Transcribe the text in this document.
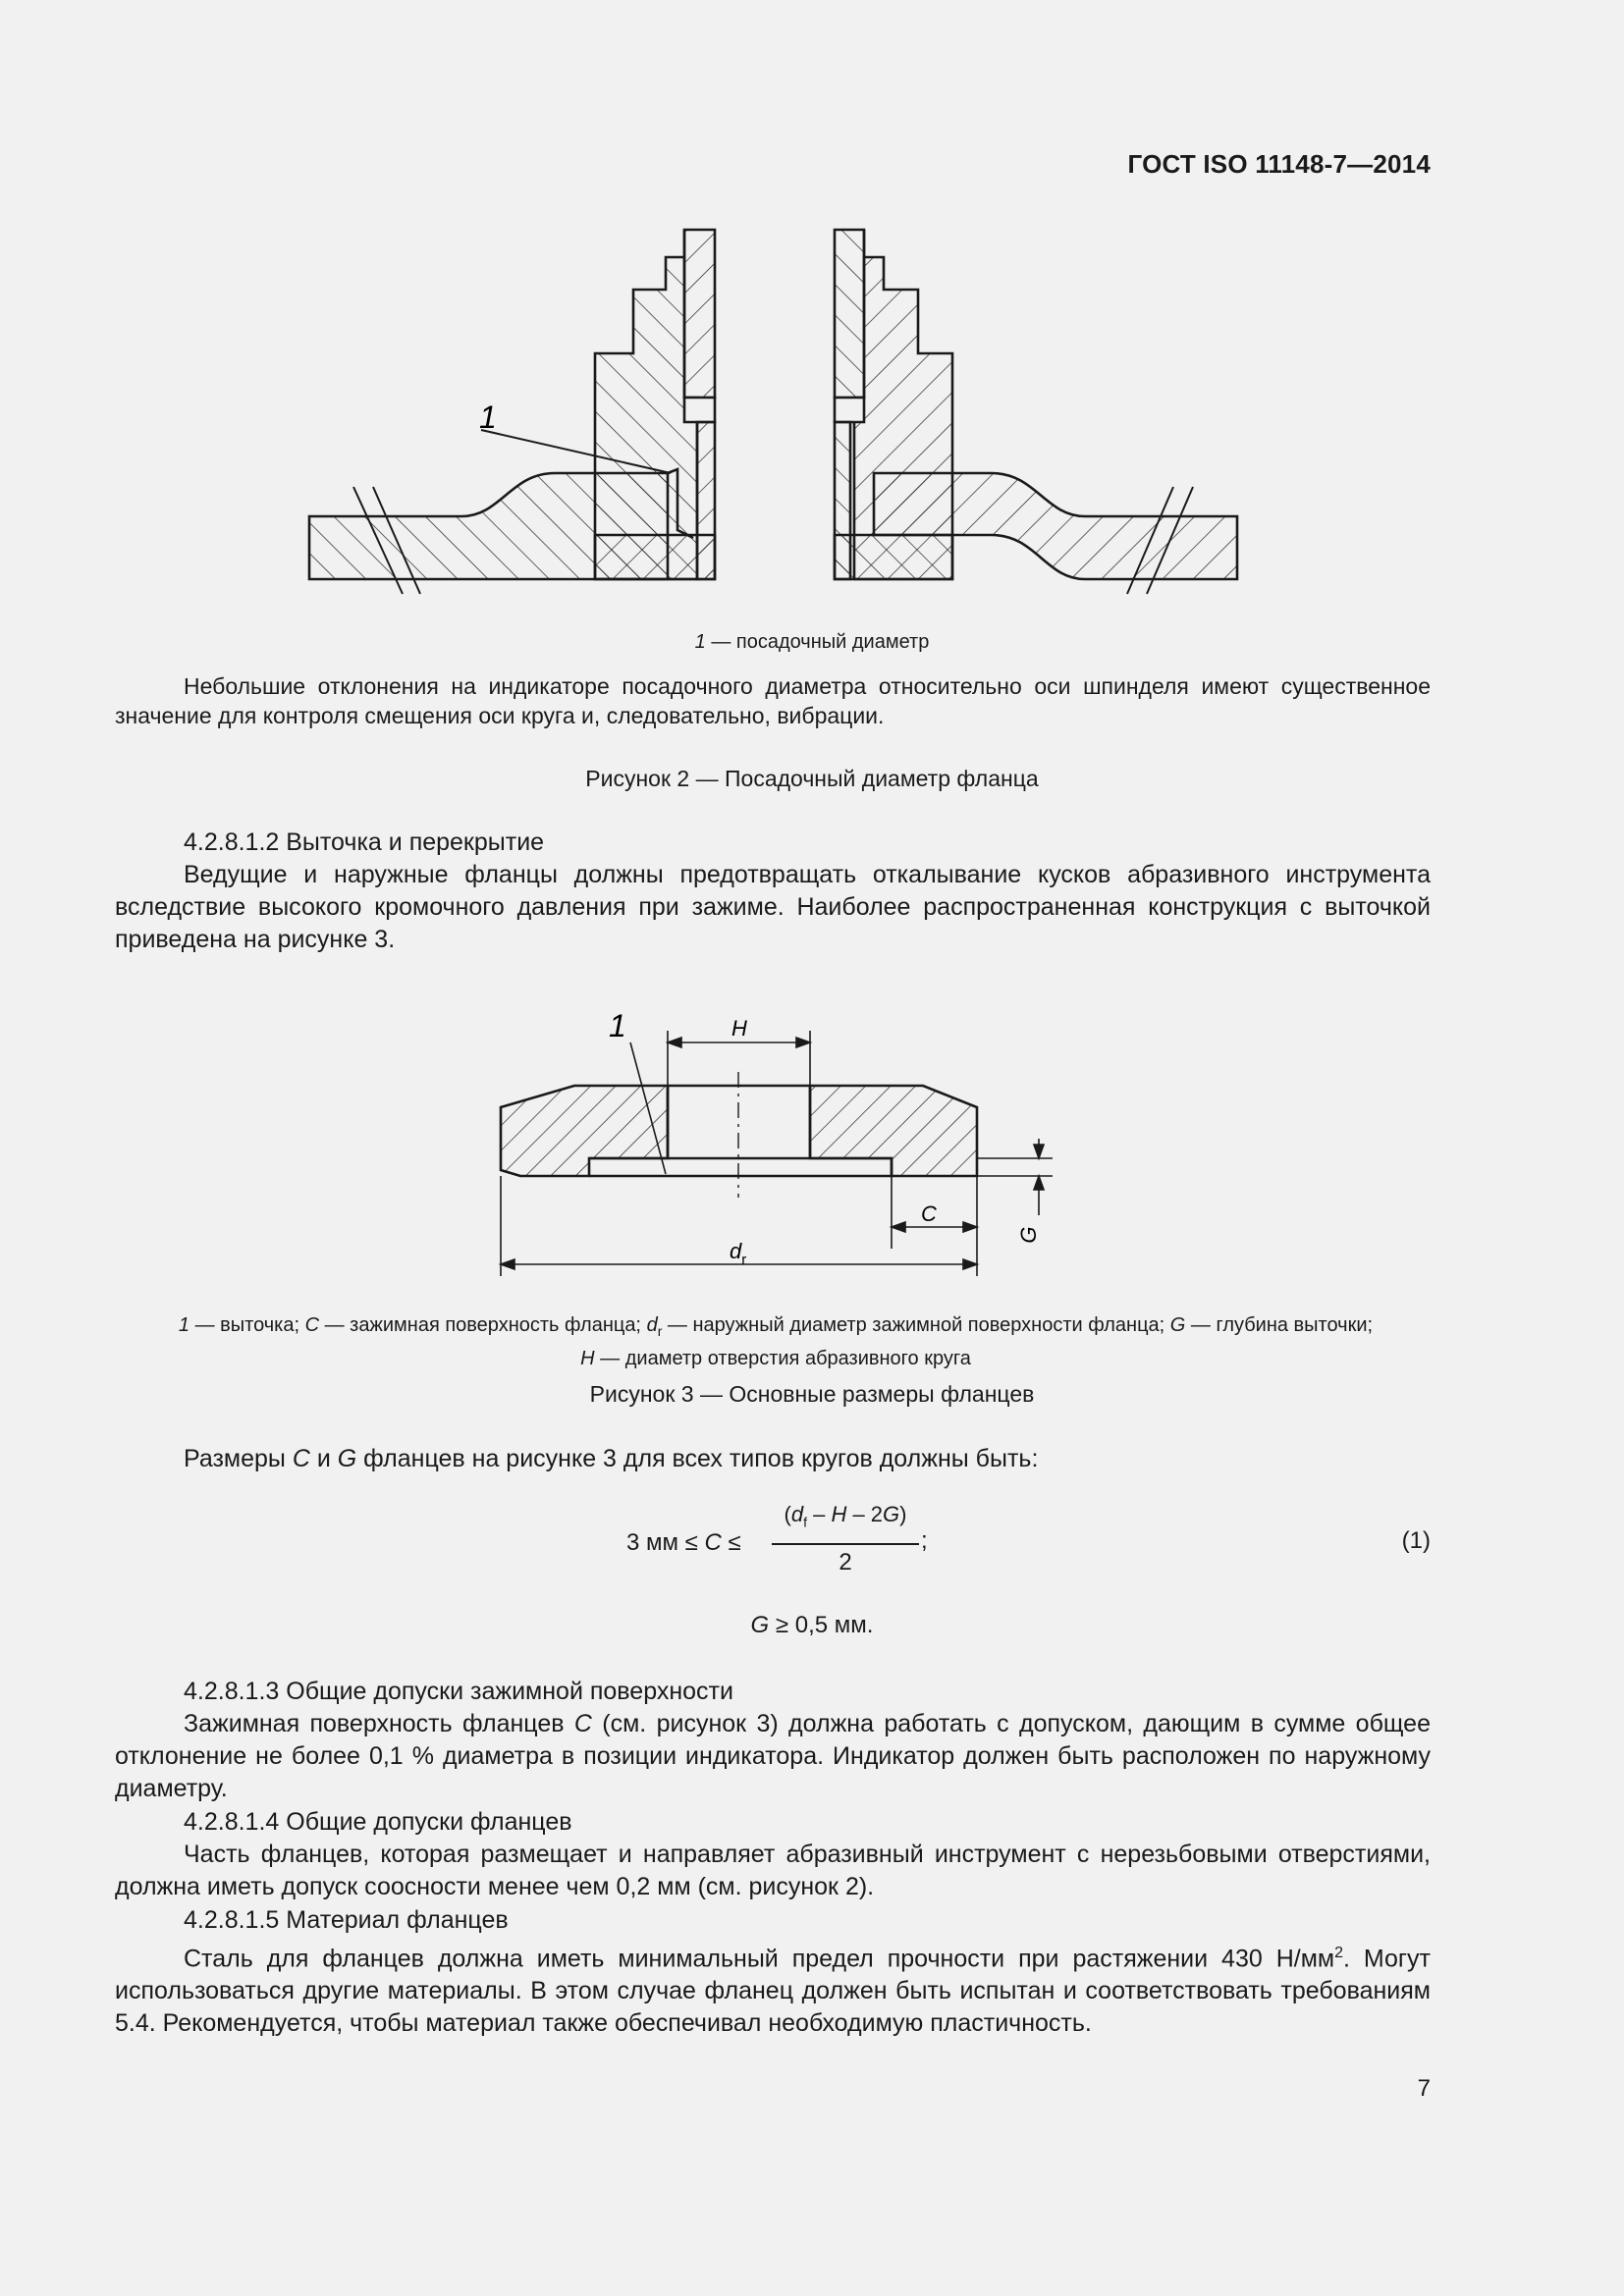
ГОСТ ISO 11148-7—2014
1
1 — посадочный диаметр
Небольшие отклонения на индикаторе посадочного диаметра относительно оси шпинделя имеют существенное значение для контроля смещения оси круга и, следовательно, вибрации.
Рисунок 2 — Посадочный диаметр фланца
4.2.8.1.2 Выточка и перекрытие
Ведущие и наружные фланцы должны предотвращать откалывание кусков абразивного инструмента вследствие высокого кромочного давления при зажиме. Наиболее распространенная конструкция с выточкой приведена на рисунке 3.
1	H
C
$d_r$
G
1 — выточка; C — зажимная поверхность фланца; $d_r$ — наружный диаметр зажимной поверхности фланца; G — глубина выточки;
H — диаметр отверстия абразивного круга
Рисунок 3 — Основные размеры фланцев
Размеры C и G фланцев на рисунке 3 для всех типов кругов должны быть:
3 мм ≤ C ≤
($d_f$ – H – 2G)
2
;	(1)
G ≥ 0,5 мм.
4.2.8.1.3 Общие допуски зажимной поверхности
Зажимная поверхность фланцев C (см. рисунок 3) должна работать с допуском, дающим в сумме общее отклонение не более 0,1 % диаметра в позиции индикатора. Индикатор должен быть расположен по наружному диаметру.
4.2.8.1.4 Общие допуски фланцев
Часть фланцев, которая размещает и направляет абразивный инструмент с нерезьбовыми отверстиями, должна иметь допуск соосности менее чем 0,2 мм (см. рисунок 2).
4.2.8.1.5 Материал фланцев
Сталь для фланцев должна иметь минимальный предел прочности при растяжении 430 $Н/мм^2$. Могут использоваться другие материалы. В этом случае фланец должен быть испытан и соответствовать требованиям 5.4. Рекомендуется, чтобы материал также обеспечивал необходимую пластичность.
7
